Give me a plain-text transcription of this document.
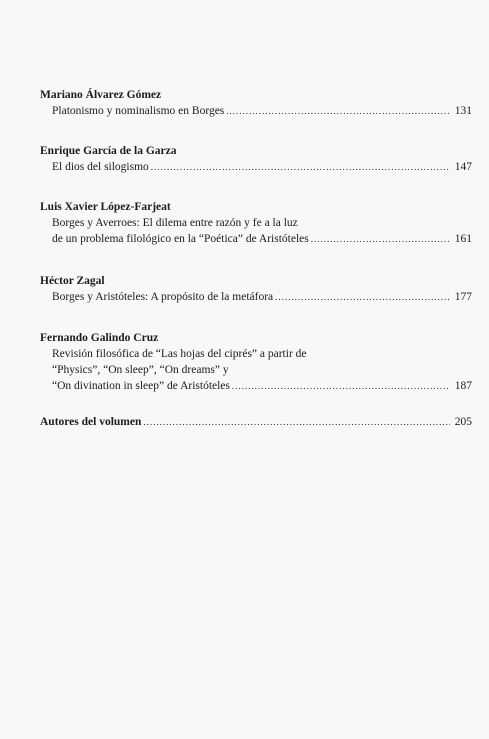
Mariano Álvarez Gómez
Platonismo y nominalismo en Borges .....	131
Enrique García de la Garza
El dios del silogismo .....	147
Luis Xavier López-Farjeat
Borges y Averroes: El dilema entre razón y fe a la luz
de un problema filológico en la “Poética” de Aristóteles .....	161
Héctor Zagal
Borges y Aristóteles: A propósito de la metáfora .....	177
Fernando Galindo Cruz
Revisión filosófica de “Las hojas del ciprés” a partir de
“Physics”, “On sleep”, “On dreams” y
“On divination in sleep” de Aristóteles .....	187
Autores del volumen .....	205
